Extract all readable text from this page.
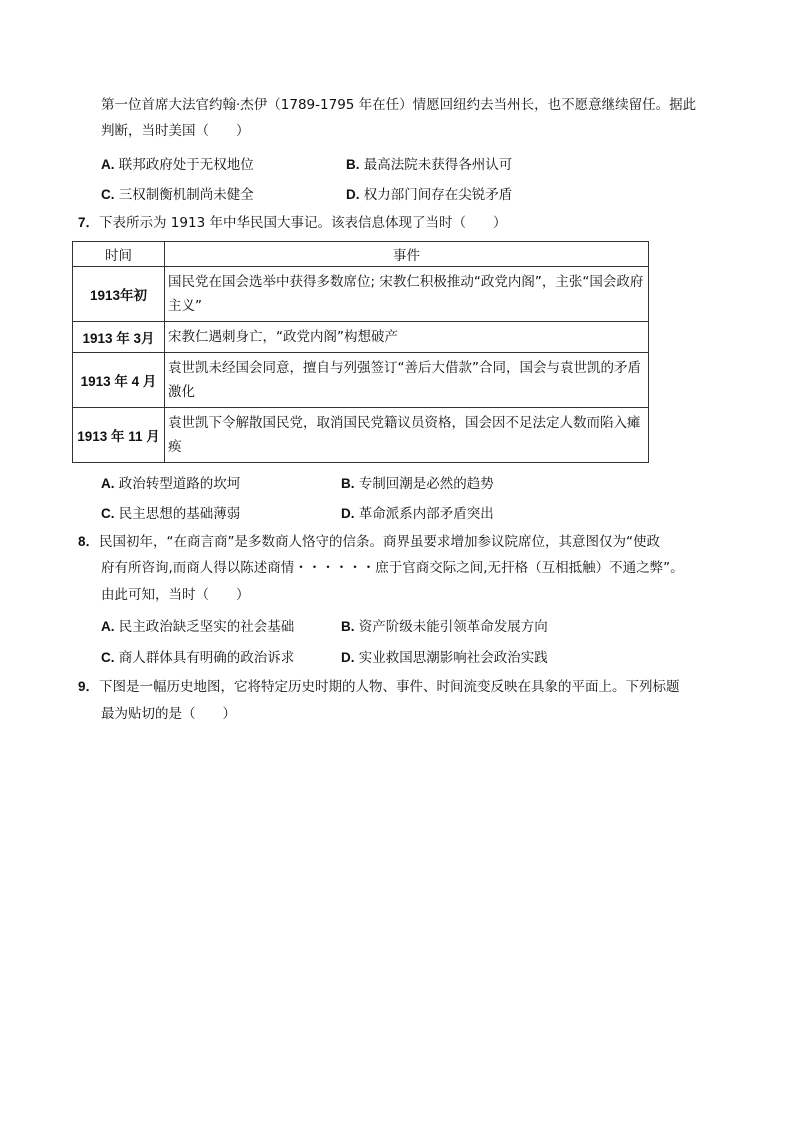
第一位首席大法官约翰·杰伊（1789-1795 年在任）情愿回纽约去当州长，也不愿意继续留任。据此
判断，当时美国（　　）
A. 联邦政府处于无权地位	B. 最高法院未获得各州认可
C. 三权制衡机制尚未健全	D. 权力部门间存在尖锐矛盾
7．下表所示为 1913 年中华民国大事记。该表信息体现了当时（　　）
时间	事件
1913年初	国民党在国会选举中获得多数席位; 宋教仁积极推动“政党内阁”，主张“国会政府主义”
1913 年 3月	宋教仁遇刺身亡，“政党内阁”构想破产
1913 年 4 月	袁世凯未经国会同意，擅自与列强签订“善后大借款”合同，国会与袁世凯的矛盾激化
1913 年 11 月	袁世凯下令解散国民党，取消国民党籍议员资格，国会因不足法定人数而陷入瘫痪
A. 政治转型道路的坎坷	B. 专制回潮是必然的趋势
C. 民主思想的基础薄弱	D. 革命派系内部矛盾突出
8．民国初年，“在商言商”是多数商人恪守的信条。商界虽要求增加参议院席位，其意图仅为“使政
府有所咨询,而商人得以陈述商情・・・・・・庶于官商交际之间,无扞格（互相抵触）不通之弊”。
由此可知，当时（　　）
A. 民主政治缺乏坚实的社会基础	B. 资产阶级未能引领革命发展方向
C. 商人群体具有明确的政治诉求	D. 实业救国思潮影响社会政治实践
9．下图是一幅历史地图，它将特定历史时期的人物、事件、时间流变反映在具象的平面上。下列标题
最为贴切的是（　　）
